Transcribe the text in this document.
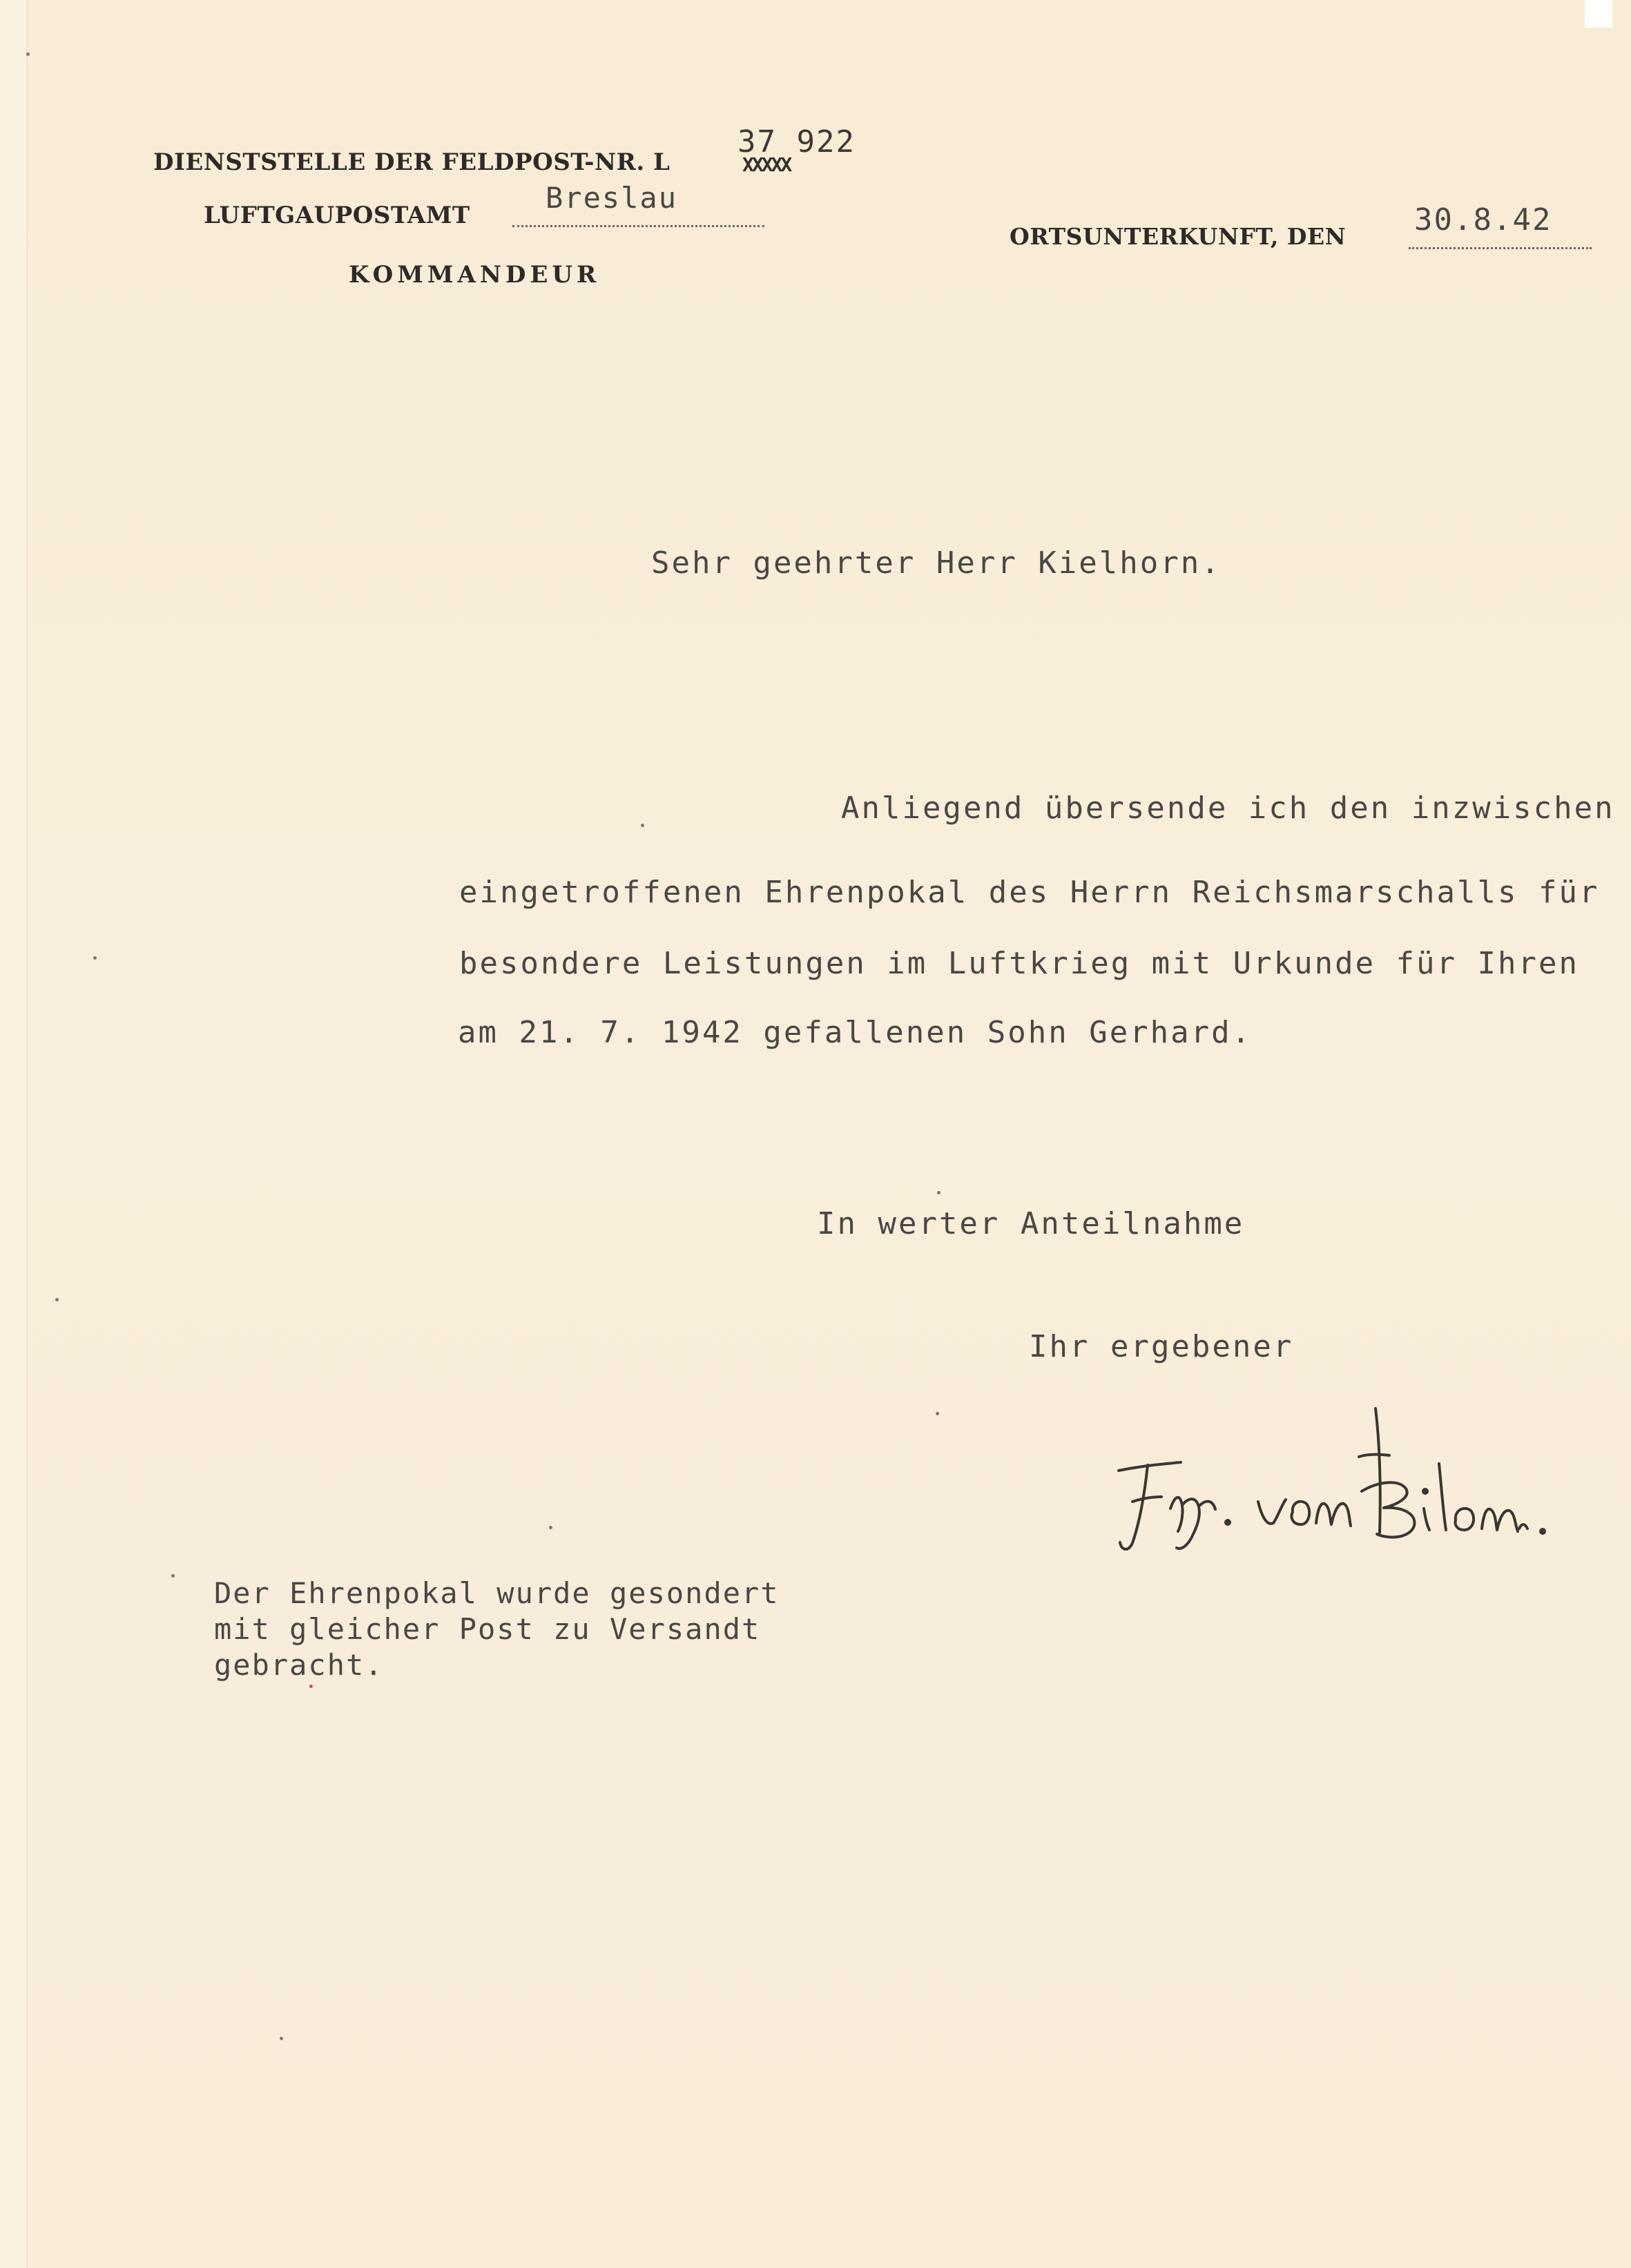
DIENSTSTELLE DER FELDPOST-NR. L
37 922
XXXXX
LUFTGAUPOSTAMT
Breslau
KOMMANDEUR
ORTSUNTERKUNFT, DEN 30.8.42
Sehr geehrter Herr Kielhorn.
Anliegend übersende ich den inzwischen
eingetroffenen Ehrenpokal des Herrn Reichsmarschalls für
besondere Leistungen im Luftkrieg mit Urkunde für Ihren
am 21. 7. 1942 gefallenen Sohn Gerhard.
In werter Anteilnahme
Ihr ergebener
Der Ehrenpokal wurde gesondert
mit gleicher Post zu Versandt
gebracht.
